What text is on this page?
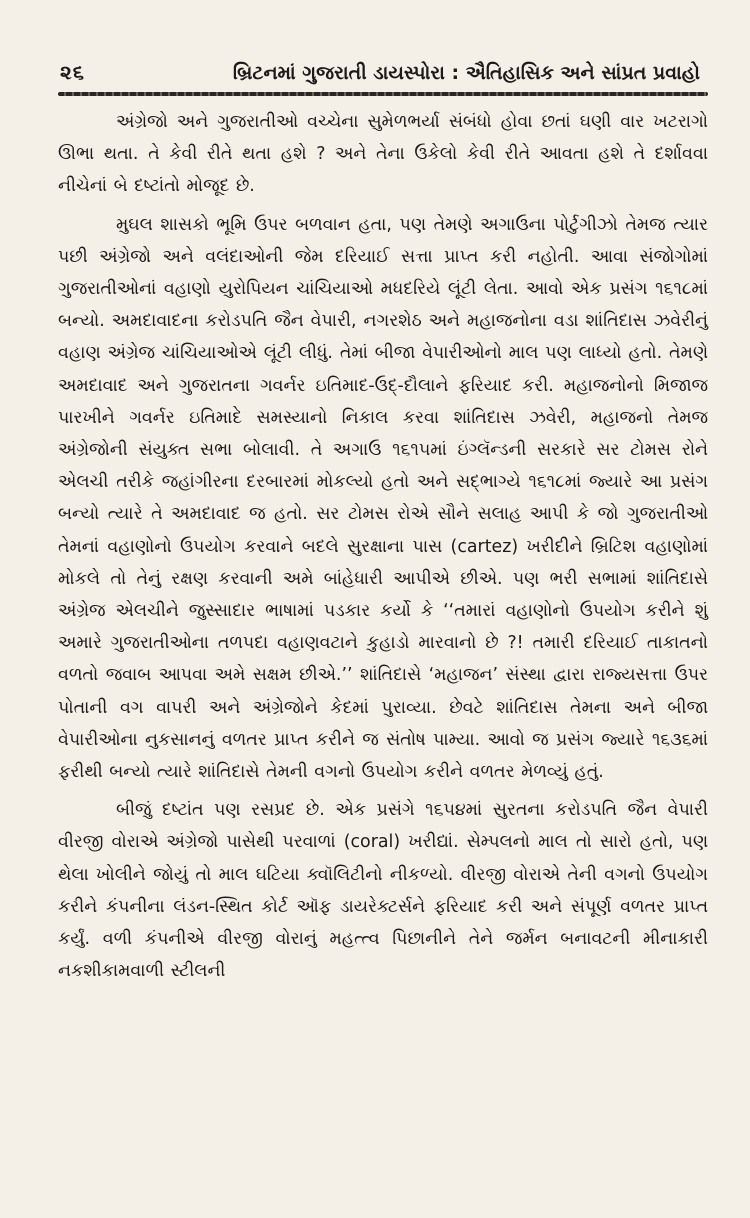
૨૬	બ્રિટનમાં ગુજરાતી ડાયસ્પોરા : ઐતિહાસિક અને સાંપ્રત પ્રવાહો

અંગ્રેજો અને ગુજરાતીઓ વચ્ચેના સુમેળભર્યા સંબંધો હોવા છતાં ઘણી વાર ખટરાગો ઊભા થતા. તે કેવી રીતે થતા હશે ? અને તેના ઉકેલો કેવી રીતે આવતા હશે તે દર્શાવવા નીચેનાં બે દષ્ટાંતો મોજૂદ છે.

મુઘલ શાસકો ભૂમિ ઉપર બળવાન હતા, પણ તેમણે અગાઉના પોર્ટુગીઝો તેમજ ત્યાર પછી અંગ્રેજો અને વલંદાઓની જેમ દરિયાઈ સત્તા પ્રાપ્ત કરી નહોતી. આવા સંજોગોમાં ગુજરાતીઓનાં વહાણો યુરોપિયન ચાંચિયાઓ મધદરિયે લૂંટી લેતા. આવો એક પ્રસંગ ૧૬૧૮માં બન્યો. અમદાવાદના કરોડપતિ જૈન વેપારી, નગરશેઠ અને મહાજનોના વડા શાંતિદાસ ઝવેરીનું વહાણ અંગ્રેજ ચાંચિયાઓએ લૂંટી લીધું. તેમાં બીજા વેપારીઓનો માલ પણ લાધ્યો હતો. તેમણે અમદાવાદ અને ગુજરાતના ગવર્નર ઇતિમાદ-ઉદ્-દૌલાને ફરિયાદ કરી. મહાજનોનો મિજાજ પારખીને ગવર્નર ઇતિમાદે સમસ્યાનો નિકાલ કરવા શાંતિદાસ ઝવેરી, મહાજનો તેમજ અંગ્રેજોની સંયુક્ત સભા બોલાવી. તે અગાઉ ૧૬૧૫માં ઇંગ્લૅન્ડની સરકારે સર ટોમસ રોને એલચી તરીકે જહાંગીરના દરબારમાં મોકલ્યો હતો અને સદ્‌ભાગ્યે ૧૬૧૮માં જ્યારે આ પ્રસંગ બન્યો ત્યારે તે અમદાવાદ જ હતો. સર ટોમસ રોએ સૌને સલાહ આપી કે જો ગુજરાતીઓ તેમનાં વહાણોનો ઉપયોગ કરવાને બદલે સુરક્ષાના પાસ (cartez) ખરીદીને બ્રિટિશ વહાણોમાં મોકલે તો તેનું રક્ષણ કરવાની અમે બાંહેધારી આપીએ છીએ. પણ ભરી સભામાં શાંતિદાસે અંગ્રેજ એલચીને જુસ્સાદાર ભાષામાં પડકાર કર્યો કે ‘‘તમારાં વહાણોનો ઉપયોગ કરીને શું અમારે ગુજરાતીઓના તળપદા વહાણવટાને કુહાડો મારવાનો છે ?! તમારી દરિયાઈ તાકાતનો વળતો જવાબ આપવા અમે સક્ષમ છીએ.’’ શાંતિદાસે ‘મહાજન’ સંસ્થા દ્વારા રાજ્યસત્તા ઉપર પોતાની વગ વાપરી અને અંગ્રેજોને કેદમાં પુરાવ્યા. છેવટે શાંતિદાસ તેમના અને બીજા વેપારીઓના નુકસાનનું વળતર પ્રાપ્ત કરીને જ સંતોષ પામ્યા. આવો જ પ્રસંગ જ્યારે ૧૬૩૬માં ફરીથી બન્યો ત્યારે શાંતિદાસે તેમની વગનો ઉપયોગ કરીને વળતર મેળવ્યું હતું.

બીજું દષ્ટાંત પણ રસપ્રદ છે. એક પ્રસંગે ૧૬૫૪માં સુરતના કરોડપતિ જૈન વેપારી વીરજી વોરાએ અંગ્રેજો પાસેથી પરવાળાં (coral) ખરીદ્યાં. સેમ્પલનો માલ તો સારો હતો, પણ થેલા ખોલીને જોયું તો માલ ઘટિયા ક્વૉલિટીનો નીકળ્યો. વીરજી વોરાએ તેની વગનો ઉપયોગ કરીને કંપનીના લંડન-સ્થિત કોર્ટ ઑફ ડાયરેક્ટર્સને ફરિયાદ કરી અને સંપૂર્ણ વળતર પ્રાપ્ત કર્યું. વળી કંપનીએ વીરજી વોરાનું મહત્ત્વ પિછાનીને તેને જર્મન બનાવટની મીનાકારી નકશીકામવાળી સ્ટીલની
